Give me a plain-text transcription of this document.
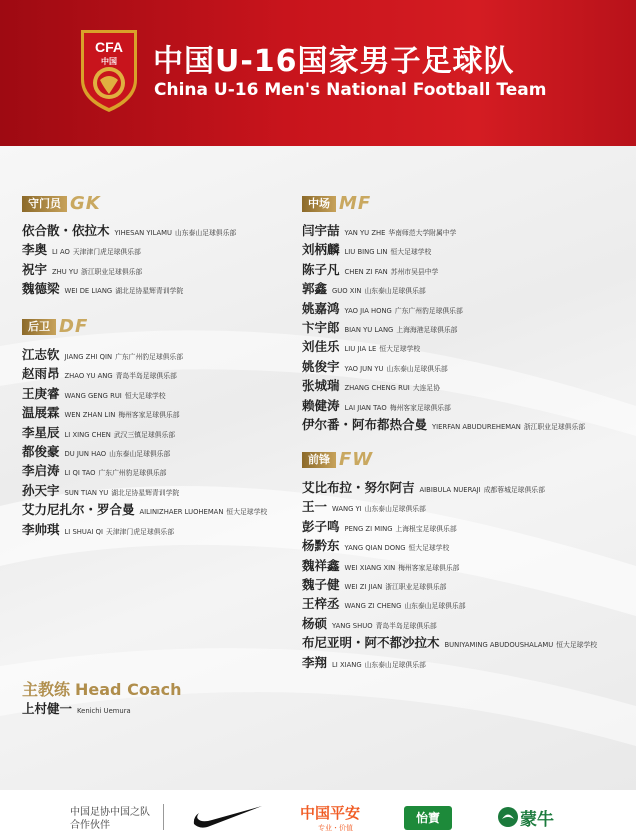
CFA
中国 中国U-16国家男子足球队
China U-16 Men's National Football Team
守门员 GK
依合散・依拉木 YIHESAN YILAMU 山东泰山足球俱乐部
李奥 LI AO 天津津门虎足球俱乐部
祝宇 ZHU YU 浙江职业足球俱乐部
魏德梁 WEI DE LIANG 湖北足协星辉青训学院
后卫 DF
江志钦 JIANG ZHI QIN 广东广州豹足球俱乐部
赵雨昂 ZHAO YU ANG 青岛半岛足球俱乐部
王庚睿 WANG GENG RUI 恒大足球学校
温展霖 WEN ZHAN LIN 梅州客家足球俱乐部
李星辰 LI XING CHEN 武汉三镇足球俱乐部
都俊豪 DU JUN HAO 山东泰山足球俱乐部
李启涛 LI QI TAO 广东广州豹足球俱乐部
孙天宇 SUN TIAN YU 湖北足协星辉青训学院
艾力尼扎尔・罗合曼 AILINIZHAER LUOHEMAN 恒大足球学校
李帅琪 LI SHUAI QI 天津津门虎足球俱乐部
中场 MF
闫宇喆 YAN YU ZHE 华南师范大学附属中学
刘柄麟 LIU BING LIN 恒大足球学校
陈子凡 CHEN ZI FAN 苏州市吴县中学
郭鑫 GUO XIN 山东泰山足球俱乐部
姚嘉鸿 YAO JIA HONG 广东广州豹足球俱乐部
卞宇郎 BIAN YU LANG 上海海港足球俱乐部
刘佳乐 LIU JIA LE 恒大足球学校
姚俊宇 YAO JUN YU 山东泰山足球俱乐部
张城瑞 ZHANG CHENG RUI 大连足协
赖健涛 LAI JIAN TAO 梅州客家足球俱乐部
伊尔番・阿布都热合曼 YIERFAN ABUDUREHEMAN 浙江职业足球俱乐部
前锋 FW
艾比布拉・努尔阿吉 AIBIBULA NUERAJI 成都蓉城足球俱乐部
王一 WANG YI 山东泰山足球俱乐部
彭子鸣 PENG ZI MING 上海根宝足球俱乐部
杨黔东 YANG QIAN DONG 恒大足球学校
魏祥鑫 WEI XIANG XIN 梅州客家足球俱乐部
魏子健 WEI ZI JIAN 浙江职业足球俱乐部
王梓丞 WANG ZI CHENG 山东泰山足球俱乐部
杨硕 YANG SHUO 青岛半岛足球俱乐部
布尼亚明・阿不都沙拉木 BUNIYAMING ABUDOUSHALAMU 恒大足球学校
李翔 LI XIANG 山东泰山足球俱乐部
主教练 Head Coach
上村健一 Kenichi Uemura
中国足协中国之队
合作伙伴
中国平安
专业・价值
怡寶	蒙牛
